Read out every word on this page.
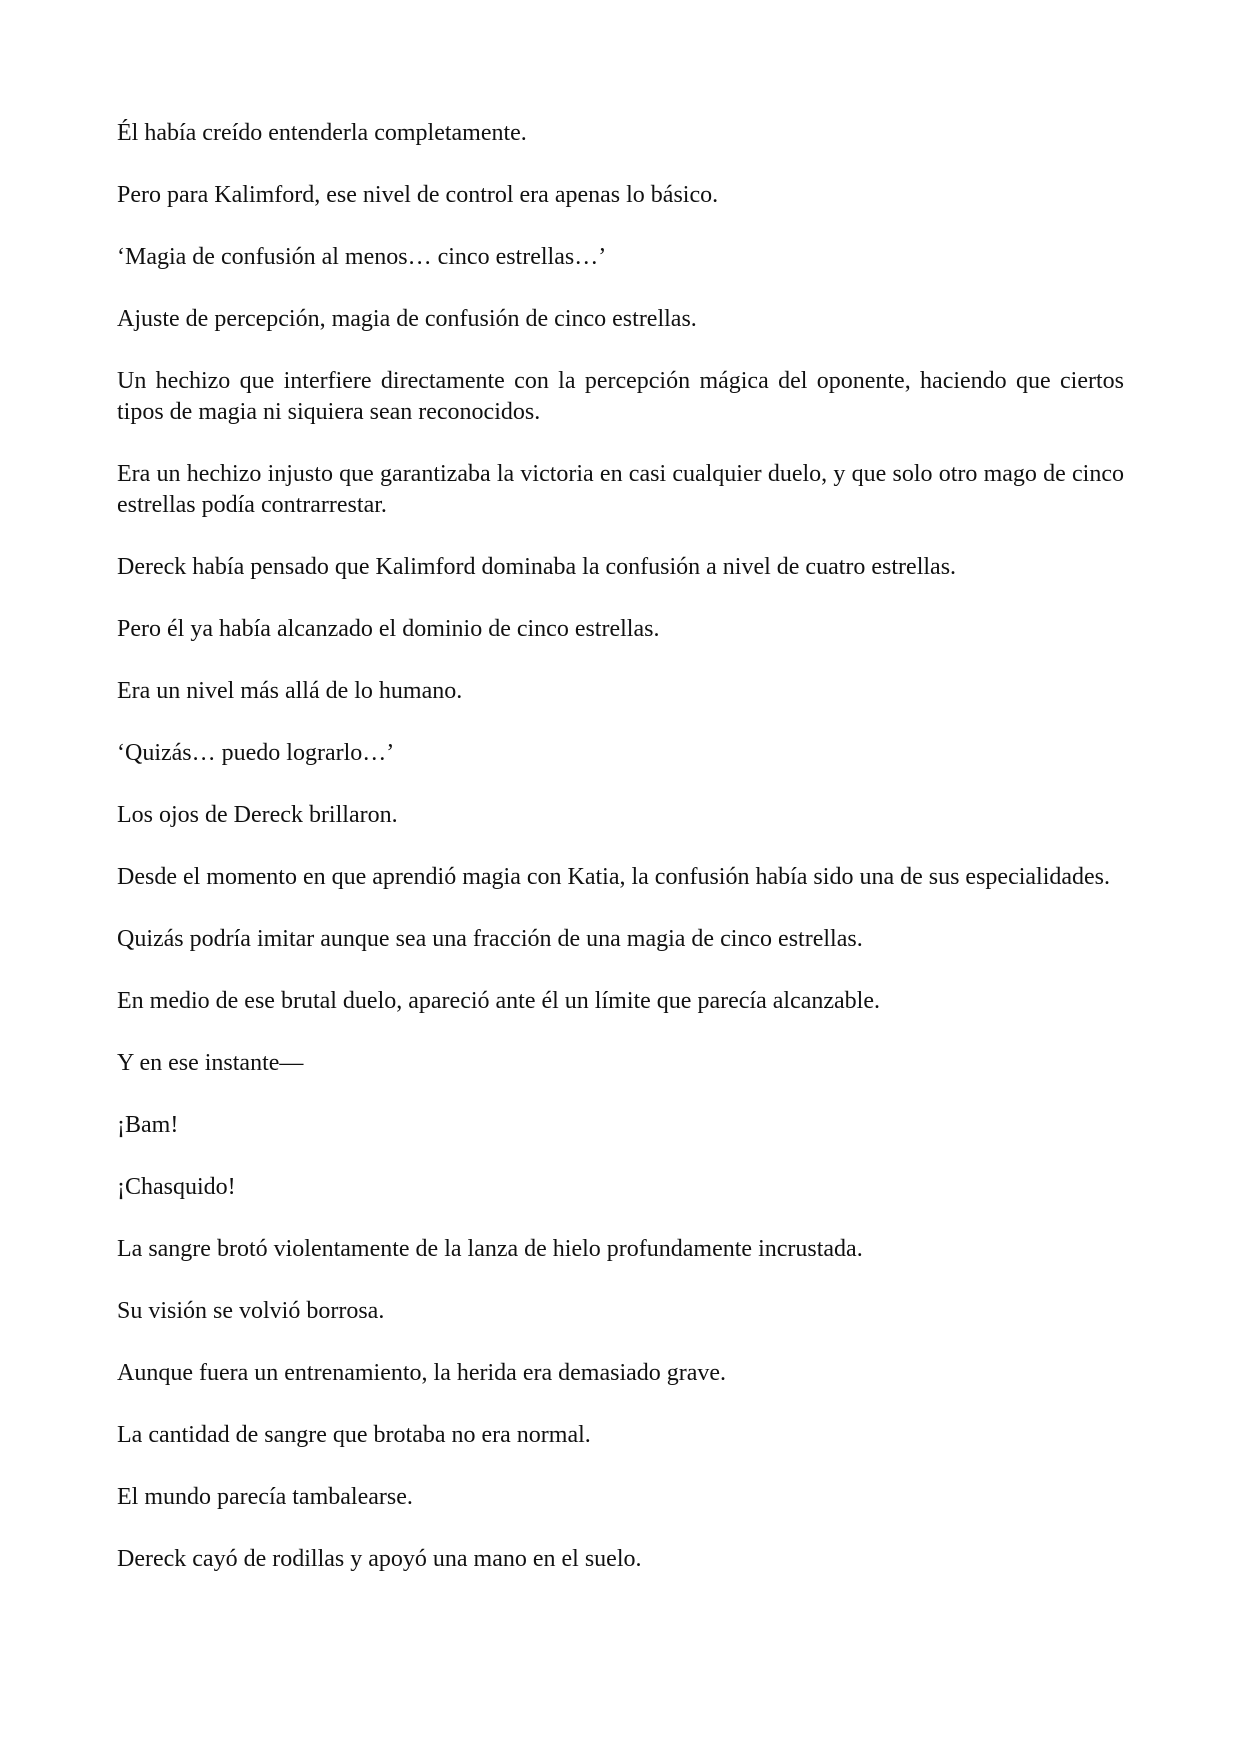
Él había creído entenderla completamente.

Pero para Kalimford, ese nivel de control era apenas lo básico.

‘Magia de confusión al menos… cinco estrellas…’

Ajuste de percepción, magia de confusión de cinco estrellas.

Un hechizo que interfiere directamente con la percepción mágica del oponente, haciendo que ciertos tipos de magia ni siquiera sean reconocidos.

Era un hechizo injusto que garantizaba la victoria en casi cualquier duelo, y que solo otro mago de cinco estrellas podía contrarrestar.

Dereck había pensado que Kalimford dominaba la confusión a nivel de cuatro estrellas.

Pero él ya había alcanzado el dominio de cinco estrellas.

Era un nivel más allá de lo humano.

‘Quizás… puedo lograrlo…’

Los ojos de Dereck brillaron.

Desde el momento en que aprendió magia con Katia, la confusión había sido una de sus especialidades.

Quizás podría imitar aunque sea una fracción de una magia de cinco estrellas.

En medio de ese brutal duelo, apareció ante él un límite que parecía alcanzable.

Y en ese instante—

¡Bam!

¡Chasquido!

La sangre brotó violentamente de la lanza de hielo profundamente incrustada.

Su visión se volvió borrosa.

Aunque fuera un entrenamiento, la herida era demasiado grave.

La cantidad de sangre que brotaba no era normal.

El mundo parecía tambalearse.

Dereck cayó de rodillas y apoyó una mano en el suelo.
